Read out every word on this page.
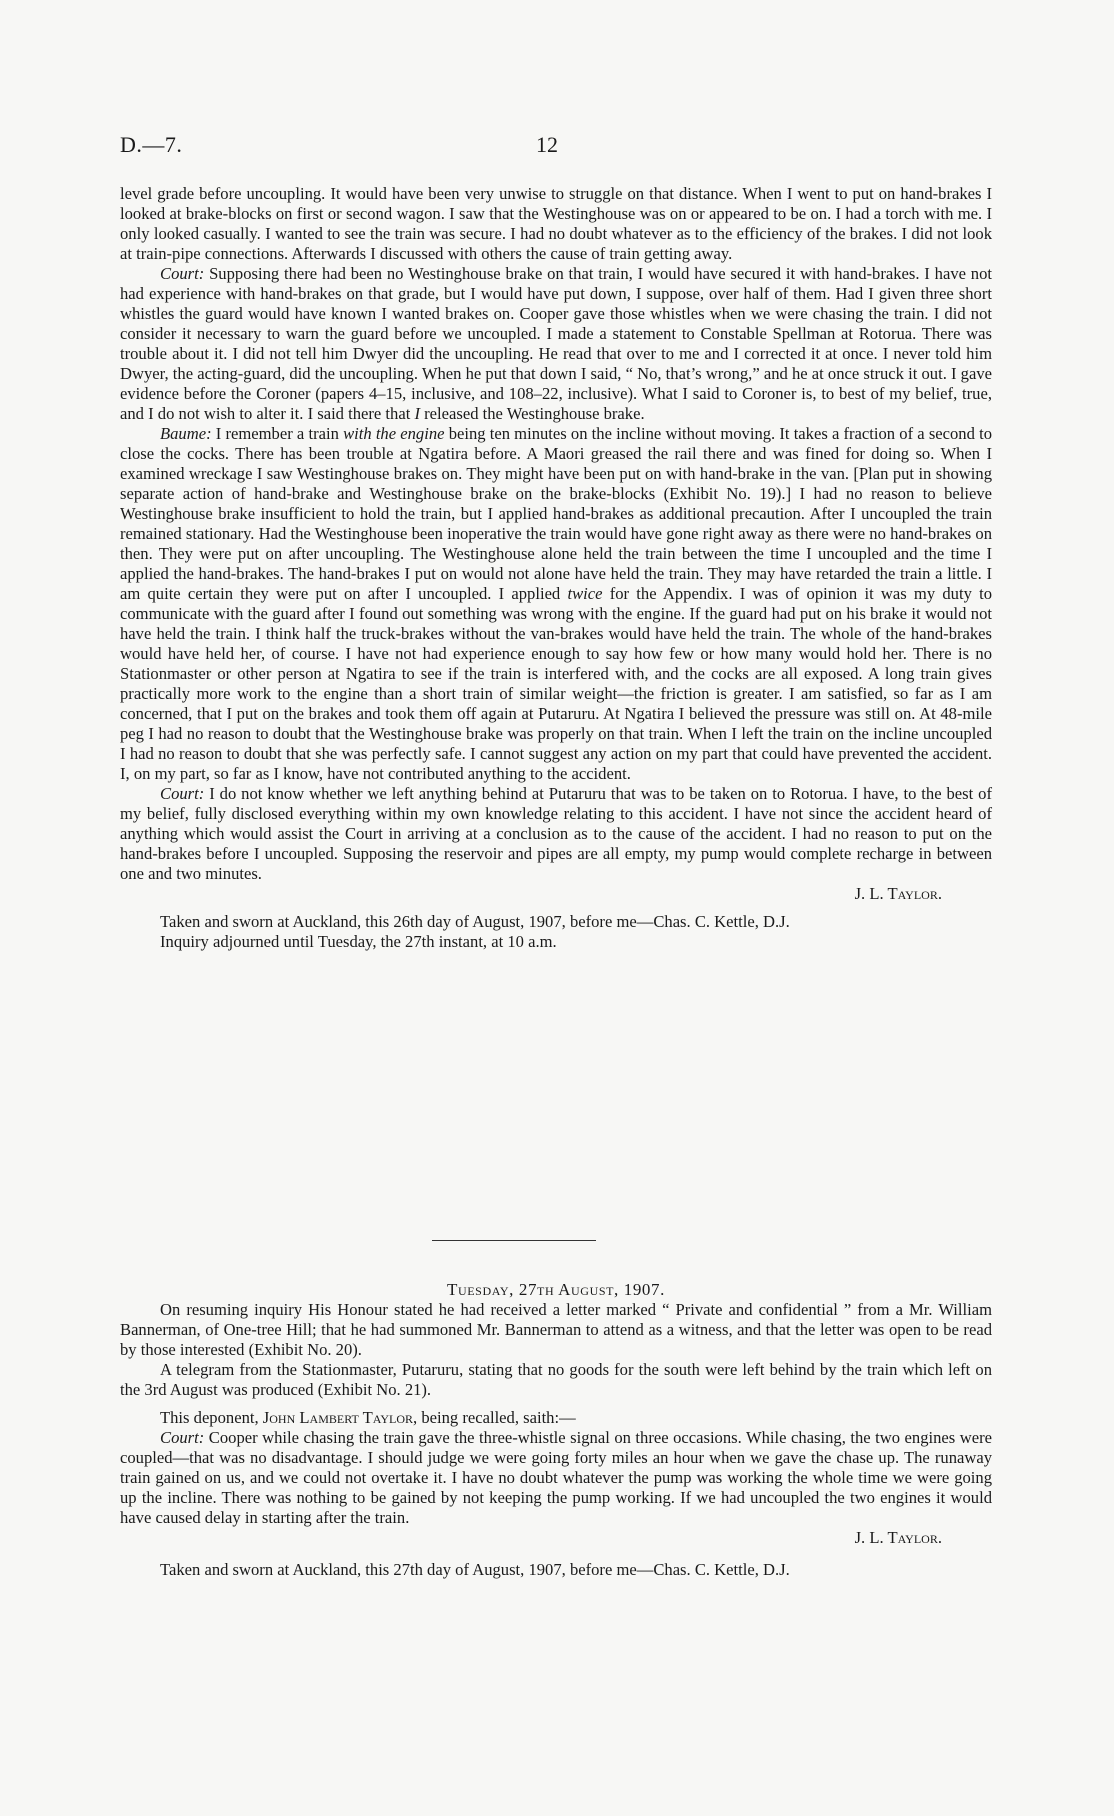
D.—7.	12

level grade before uncoupling. It would have been very unwise to struggle on that distance. When I went to put on hand-brakes I looked at brake-blocks on first or second wagon. I saw that the Westinghouse was on or appeared to be on. I had a torch with me. I only looked casually. I wanted to see the train was secure. I had no doubt whatever as to the efficiency of the brakes. I did not look at train-pipe connections. Afterwards I discussed with others the cause of train getting away.

Court: Supposing there had been no Westinghouse brake on that train, I would have secured it with hand-brakes. I have not had experience with hand-brakes on that grade, but I would have put down, I suppose, over half of them. Had I given three short whistles the guard would have known I wanted brakes on. Cooper gave those whistles when we were chasing the train. I did not consider it necessary to warn the guard before we uncoupled. I made a statement to Constable Spellman at Rotorua. There was trouble about it. I did not tell him Dwyer did the uncoupling. He read that over to me and I corrected it at once. I never told him Dwyer, the acting-guard, did the uncoupling. When he put that down I said, “ No, that’s wrong,” and he at once struck it out. I gave evidence before the Coroner (papers 4–15, inclusive, and 108–22, inclusive). What I said to Coroner is, to best of my belief, true, and I do not wish to alter it. I said there that I released the Westinghouse brake.

Baume: I remember a train with the engine being ten minutes on the incline without moving. It takes a fraction of a second to close the cocks. There has been trouble at Ngatira before. A Maori greased the rail there and was fined for doing so. When I examined wreckage I saw Westinghouse brakes on. They might have been put on with hand-brake in the van. [Plan put in showing separate action of hand-brake and Westinghouse brake on the brake-blocks (Exhibit No. 19).] I had no reason to believe Westinghouse brake insufficient to hold the train, but I applied hand-brakes as additional precaution. After I uncoupled the train remained stationary. Had the Westinghouse been inoperative the train would have gone right away as there were no hand-brakes on then. They were put on after uncoupling. The Westinghouse alone held the train between the time I uncoupled and the time I applied the hand-brakes. The hand-brakes I put on would not alone have held the train. They may have retarded the train a little. I am quite certain they were put on after I uncoupled. I applied twice for the Appendix. I was of opinion it was my duty to communicate with the guard after I found out something was wrong with the engine. If the guard had put on his brake it would not have held the train. I think half the truck-brakes without the van-brakes would have held the train. The whole of the hand-brakes would have held her, of course. I have not had experience enough to say how few or how many would hold her. There is no Stationmaster or other person at Ngatira to see if the train is interfered with, and the cocks are all exposed. A long train gives practically more work to the engine than a short train of similar weight—the friction is greater. I am satisfied, so far as I am concerned, that I put on the brakes and took them off again at Putaruru. At Ngatira I believed the pressure was still on. At 48-mile peg I had no reason to doubt that the Westinghouse brake was properly on that train. When I left the train on the incline uncoupled I had no reason to doubt that she was perfectly safe. I cannot suggest any action on my part that could have prevented the accident. I, on my part, so far as I know, have not contributed anything to the accident.

Court: I do not know whether we left anything behind at Putaruru that was to be taken on to Rotorua. I have, to the best of my belief, fully disclosed everything within my own knowledge relating to this accident. I have not since the accident heard of anything which would assist the Court in arriving at a conclusion as to the cause of the accident. I had no reason to put on the hand-brakes before I uncoupled. Supposing the reservoir and pipes are all empty, my pump would complete recharge in between one and two minutes.

J. L. Taylor.

Taken and sworn at Auckland, this 26th day of August, 1907, before me—Chas. C. Kettle, D.J.

Inquiry adjourned until Tuesday, the 27th instant, at 10 a.m.

Tuesday, 27th August, 1907.

On resuming inquiry His Honour stated he had received a letter marked “ Private and confidential ” from a Mr. William Bannerman, of One-tree Hill; that he had summoned Mr. Bannerman to attend as a witness, and that the letter was open to be read by those interested (Exhibit No. 20).

A telegram from the Stationmaster, Putaruru, stating that no goods for the south were left behind by the train which left on the 3rd August was produced (Exhibit No. 21).

This deponent, John Lambert Taylor, being recalled, saith:—

Court: Cooper while chasing the train gave the three-whistle signal on three occasions. While chasing, the two engines were coupled—that was no disadvantage. I should judge we were going forty miles an hour when we gave the chase up. The runaway train gained on us, and we could not overtake it. I have no doubt whatever the pump was working the whole time we were going up the incline. There was nothing to be gained by not keeping the pump working. If we had uncoupled the two engines it would have caused delay in starting after the train.

J. L. Taylor.

Taken and sworn at Auckland, this 27th day of August, 1907, before me—Chas. C. Kettle, D.J.
